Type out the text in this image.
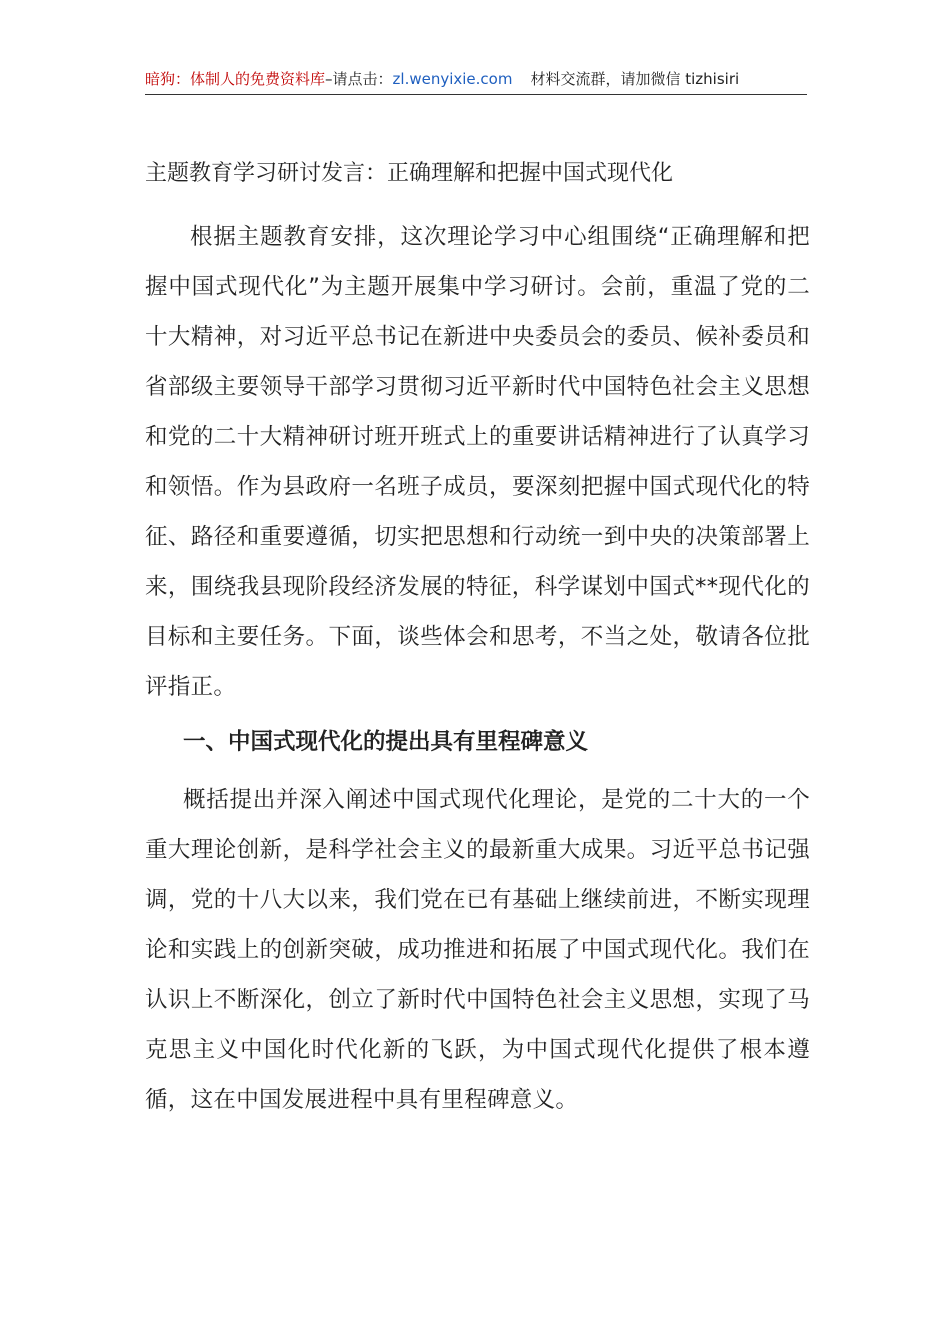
暗狗：体制人的免费资料库–请点击：zl.wenyixie.com 材料交流群，请加微信 tizhisiri
主题教育学习研讨发言：正确理解和把握中国式现代化
根据主题教育安排，这次理论学习中心组围绕“正确理解和把握中国式现代化”为主题开展集中学习研讨。会前，重温了党的二十大精神，对习近平总书记在新进中央委员会的委员、候补委员和省部级主要领导干部学习贯彻习近平新时代中国特色社会主义思想和党的二十大精神研讨班开班式上的重要讲话精神进行了认真学习和领悟。作为县政府一名班子成员，要深刻把握中国式现代化的特征、路径和重要遵循，切实把思想和行动统一到中央的决策部署上来，围绕我县现阶段经济发展的特征，科学谋划中国式**现代化的目标和主要任务。下面，谈些体会和思考，不当之处，敬请各位批评指正。
一、中国式现代化的提出具有里程碑意义
概括提出并深入阐述中国式现代化理论，是党的二十大的一个重大理论创新，是科学社会主义的最新重大成果。习近平总书记强调，党的十八大以来，我们党在已有基础上继续前进，不断实现理论和实践上的创新突破，成功推进和拓展了中国式现代化。我们在认识上不断深化，创立了新时代中国特色社会主义思想，实现了马克思主义中国化时代化新的飞跃，为中国式现代化提供了根本遵循，这在中国发展进程中具有里程碑意义。
